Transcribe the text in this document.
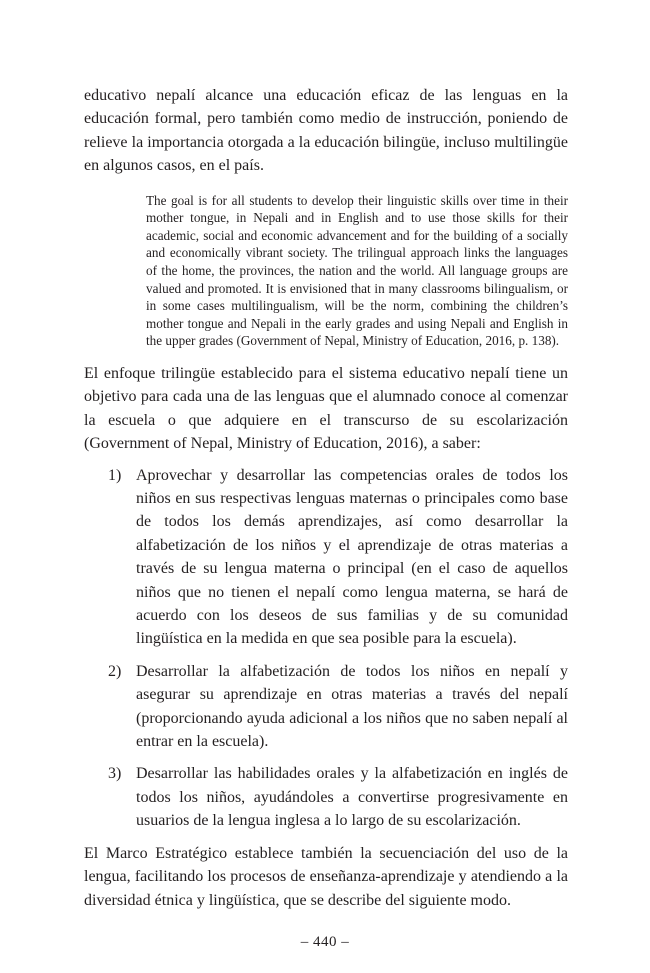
educativo nepalí alcance una educación eficaz de las lenguas en la educación formal, pero también como medio de instrucción, poniendo de relieve la importancia otorgada a la educación bilingüe, incluso multilingüe en algunos casos, en el país.

The goal is for all students to develop their linguistic skills over time in their mother tongue, in Nepali and in English and to use those skills for their academic, social and economic advancement and for the building of a socially and economically vibrant society. The trilingual approach links the languages of the home, the provinces, the nation and the world. All language groups are valued and promoted. It is envisioned that in many classrooms bilingualism, or in some cases multilingualism, will be the norm, combining the children’s mother tongue and Nepali in the early grades and using Nepali and English in the upper grades (Government of Nepal, Ministry of Education, 2016, p. 138).

El enfoque trilingüe establecido para el sistema educativo nepalí tiene un objetivo para cada una de las lenguas que el alumnado conoce al comenzar la escuela o que adquiere en el transcurso de su escolarización (Government of Nepal, Ministry of Education, 2016), a saber:

1) Aprovechar y desarrollar las competencias orales de todos los niños en sus respectivas lenguas maternas o principales como base de todos los demás aprendizajes, así como desarrollar la alfabetización de los niños y el aprendizaje de otras materias a través de su lengua materna o principal (en el caso de aquellos niños que no tienen el nepalí como lengua materna, se hará de acuerdo con los deseos de sus familias y de su comunidad lingüística en la medida en que sea posible para la escuela).
2) Desarrollar la alfabetización de todos los niños en nepalí y asegurar su aprendizaje en otras materias a través del nepalí (proporcionando ayuda adicional a los niños que no saben nepalí al entrar en la escuela).
3) Desarrollar las habilidades orales y la alfabetización en inglés de todos los niños, ayudándoles a convertirse progresivamente en usuarios de la lengua inglesa a lo largo de su escolarización.

El Marco Estratégico establece también la secuenciación del uso de la lengua, facilitando los procesos de enseñanza-aprendizaje y atendiendo a la diversidad étnica y lingüística, que se describe del siguiente modo.

– 440 –
